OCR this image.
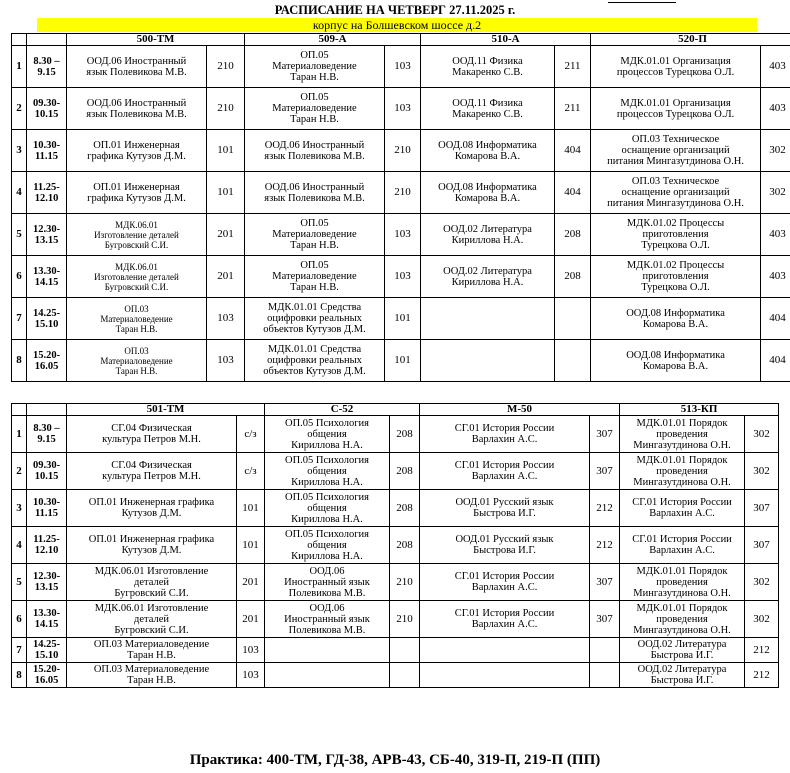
РАСПИСАНИЕ НА ЧЕТВЕРГ 27.11.2025 г.
корпус на Болшевском шоссе д.2
		500-ТМ		509-А		510-А		520-П	
1	8.30 –
9.15	ООД.06 Иностранный
язык Полевикова М.В.	210	ОП.05
Материаловедение
Таран Н.В.	103	ООД.11 Физика
Макаренко С.В.	211	МДК.01.01 Организация
процессов Турецкова О.Л.	403
2	09.30-
10.15	ООД.06 Иностранный
язык Полевикова М.В.	210	ОП.05
Материаловедение
Таран Н.В.	103	ООД.11 Физика
Макаренко С.В.	211	МДК.01.01 Организация
процессов Турецкова О.Л.	403
3	10.30-
11.15	ОП.01 Инженерная
графика Кутузов Д.М.	101	ООД.06 Иностранный
язык Полевикова М.В.	210	ООД.08 Информатика
Комарова В.А.	404	ОП.03 Техническое
оснащение организаций
питания Мингазутдинова О.Н.	302
4	11.25-
12.10	ОП.01 Инженерная
графика Кутузов Д.М.	101	ООД.06 Иностранный
язык Полевикова М.В.	210	ООД.08 Информатика
Комарова В.А.	404	ОП.03 Техническое
оснащение организаций
питания Мингазутдинова О.Н.	302
5	12.30-
13.15	МДК.06.01
Изготовление деталей
Бугровский С.И.	201	ОП.05
Материаловедение
Таран Н.В.	103	ООД.02 Литература
Кириллова Н.А.	208	МДК.01.02 Процессы
приготовления
Турецкова О.Л.	403
6	13.30-
14.15	МДК.06.01
Изготовление деталей
Бугровский С.И.	201	ОП.05
Материаловедение
Таран Н.В.	103	ООД.02 Литература
Кириллова Н.А.	208	МДК.01.02 Процессы
приготовления
Турецкова О.Л.	403
7	14.25-
15.10	ОП.03
Материаловедение
Таран Н.В.	103	МДК.01.01 Средства
оцифровки реальных
объектов Кутузов Д.М.	101			ООД.08 Информатика
Комарова В.А.	404
8	15.20-
16.05	ОП.03
Материаловедение
Таран Н.В.	103	МДК.01.01 Средства
оцифровки реальных
объектов Кутузов Д.М.	101			ООД.08 Информатика
Комарова В.А.	404
		501-ТМ		С-52		М-50		513-КП	
1	8.30 –
9.15	СГ.04 Физическая
культура Петров М.Н.	с/з	ОП.05 Психология
общения
Кириллова Н.А.	208	СГ.01 История России
Варлахин А.С.	307	МДК.01.01 Порядок
проведения
Мингазутдинова О.Н.	302
2	09.30-
10.15	СГ.04 Физическая
культура Петров М.Н.	с/з	ОП.05 Психология
общения
Кириллова Н.А.	208	СГ.01 История России
Варлахин А.С.	307	МДК.01.01 Порядок
проведения
Мингазутдинова О.Н.	302
3	10.30-
11.15	ОП.01 Инженерная графика
Кутузов Д.М.	101	ОП.05 Психология
общения
Кириллова Н.А.	208	ООД.01 Русский язык
Быстрова И.Г.	212	СГ.01 История России
Варлахин А.С.	307
4	11.25-
12.10	ОП.01 Инженерная графика
Кутузов Д.М.	101	ОП.05 Психология
общения
Кириллова Н.А.	208	ООД.01 Русский язык
Быстрова И.Г.	212	СГ.01 История России
Варлахин А.С.	307
5	12.30-
13.15	МДК.06.01 Изготовление
деталей
Бугровский С.И.	201	ООД.06
Иностранный язык
Полевикова М.В.	210	СГ.01 История России
Варлахин А.С.	307	МДК.01.01 Порядок
проведения
Мингазутдинова О.Н.	302
6	13.30-
14.15	МДК.06.01 Изготовление
деталей
Бугровский С.И.	201	ООД.06
Иностранный язык
Полевикова М.В.	210	СГ.01 История России
Варлахин А.С.	307	МДК.01.01 Порядок
проведения
Мингазутдинова О.Н.	302
7	14.25-
15.10	ОП.03 Материаловедение
Таран Н.В.	103					ООД.02 Литература
Быстрова И.Г.	212
8	15.20-
16.05	ОП.03 Материаловедение
Таран Н.В.	103					ООД.02 Литература
Быстрова И.Г.	212
Практика: 400-ТМ, ГД-38, АРВ-43, СБ-40, 319-П, 219-П (ПП)
